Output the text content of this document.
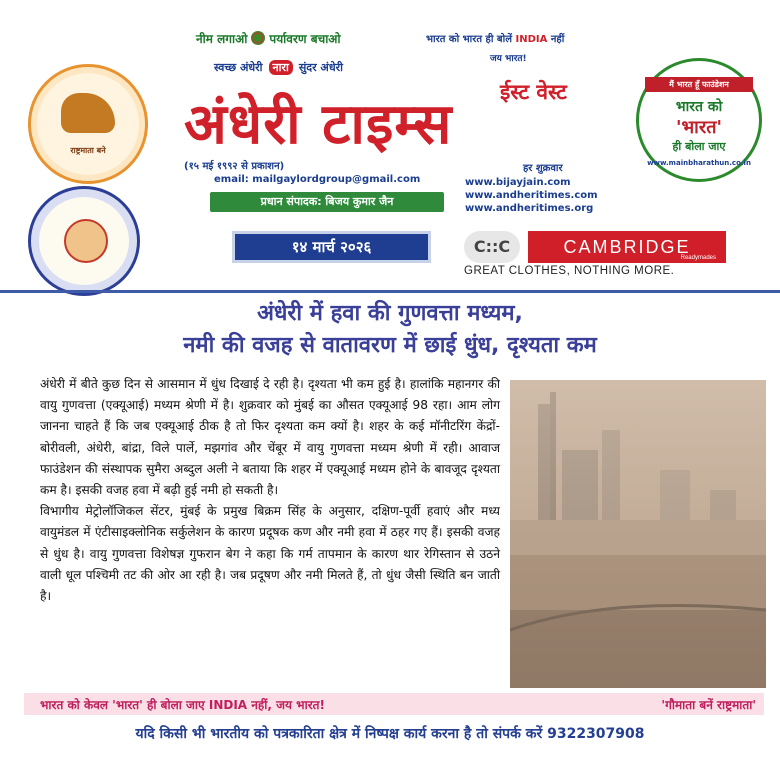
नीम लगाओ पर्यावरण बचाओ
स्वच्छ अंधेरी नारा सुंदर अंधेरी
भारत को भारत ही बोलें INDIA नहीं
जय भारत!
ईस्ट वेस्ट
अंधेरी टाइम्स
(१५ मई १९९२ से प्रकाशन)	हर शुक्रवार
email: mailgaylordgroup@gmail.com
प्रधान संपादक: बिजय कुमार जैन
www.bijayjain.com
www.andheritimes.com
www.andheritimes.org
१४ मार्च २०२६
राष्ट्रमाता बने
मैं भारत हूँ फाउंडेशन
भारत को
'भारत'
ही बोला जाए
www.mainbharathun.co.in
C::C	CAMBRIDGE
Readymades
GREAT CLOTHES, NOTHING MORE.
अंधेरी में हवा की गुणवत्ता मध्यम,
नमी की वजह से वातावरण में छाई धुंध, दृश्यता कम

अंधेरी में बीते कुछ दिन से आसमान में धुंध दिखाई दे रही है। दृश्यता भी कम हुई है। हालांकि महानगर की वायु गुणवत्ता (एक्यूआई) मध्यम श्रेणी में है। शुक्रवार को मुंबई का औसत एक्यूआई 98 रहा। आम लोग जानना चाहते हैं कि जब एक्यूआई ठीक है तो फिर दृश्यता कम क्यों है। शहर के कई मॉनीटरिंग केंद्रों-बोरीवली, अंधेरी, बांद्रा, विले पार्ले, मझगांव और चेंबूर में वायु गुणवत्ता मध्यम श्रेणी में रही। आवाज फाउंडेशन की संस्थापक सुमैरा अब्दुल अली ने बताया कि शहर में एक्यूआई मध्यम होने के बावजूद दृश्यता कम है। इसकी वजह हवा में बढ़ी हुई नमी हो सकती है।

विभागीय मेट्रोलॉजिकल सेंटर, मुंबई के प्रमुख बिक्रम सिंह के अनुसार, दक्षिण-पूर्वी हवाएं और मध्य वायुमंडल में एंटीसाइक्लोनिक सर्कुलेशन के कारण प्रदूषक कण और नमी हवा में ठहर गए हैं। इसकी वजह से धुंध है। वायु गुणवत्ता विशेषज्ञ गुफरान बेग ने कहा कि गर्म तापमान के कारण थार रेगिस्तान से उठने वाली धूल पश्चिमी तट की ओर आ रही है। जब प्रदूषण और नमी मिलते हैं, तो धुंध जैसी स्थिति बन जाती है।

भारत को केवल 'भारत' ही बोला जाए INDIA नहीं, जय भारत!	'गौमाता बनें राष्ट्रमाता'
यदि किसी भी भारतीय को पत्रकारिता क्षेत्र में निष्पक्ष कार्य करना है तो संपर्क करें 9322307908
